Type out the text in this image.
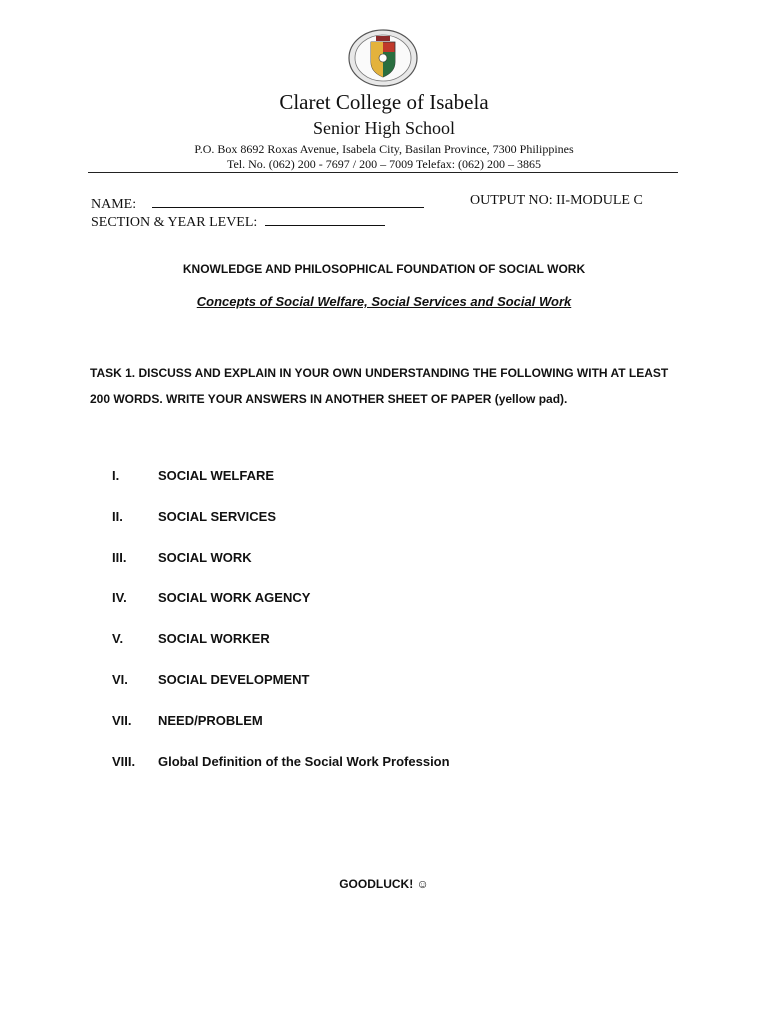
Claret College of Isabela
Senior High School
P.O. Box 8692 Roxas Avenue, Isabela City, Basilan Province, 7300 Philippines
Tel. No. (062) 200 - 7697 / 200 – 7009 Telefax: (062) 200 – 3865
NAME:
SECTION & YEAR LEVEL:
OUTPUT NO: II-MODULE C
KNOWLEDGE AND PHILOSOPHICAL FOUNDATION OF SOCIAL WORK
Concepts of Social Welfare, Social Services and Social Work
TASK 1. DISCUSS AND EXPLAIN IN YOUR OWN UNDERSTANDING THE FOLLOWING WITH AT LEAST 200 WORDS. WRITE YOUR ANSWERS IN ANOTHER SHEET OF PAPER (yellow pad).
I.	SOCIAL WELFARE
II.	SOCIAL SERVICES
III. SOCIAL WORK
IV. SOCIAL WORK AGENCY
V.	SOCIAL WORKER
VI. SOCIAL DEVELOPMENT
VII. NEED/PROBLEM
VIII. Global Definition of the Social Work Profession
GOODLUCK! ☺
